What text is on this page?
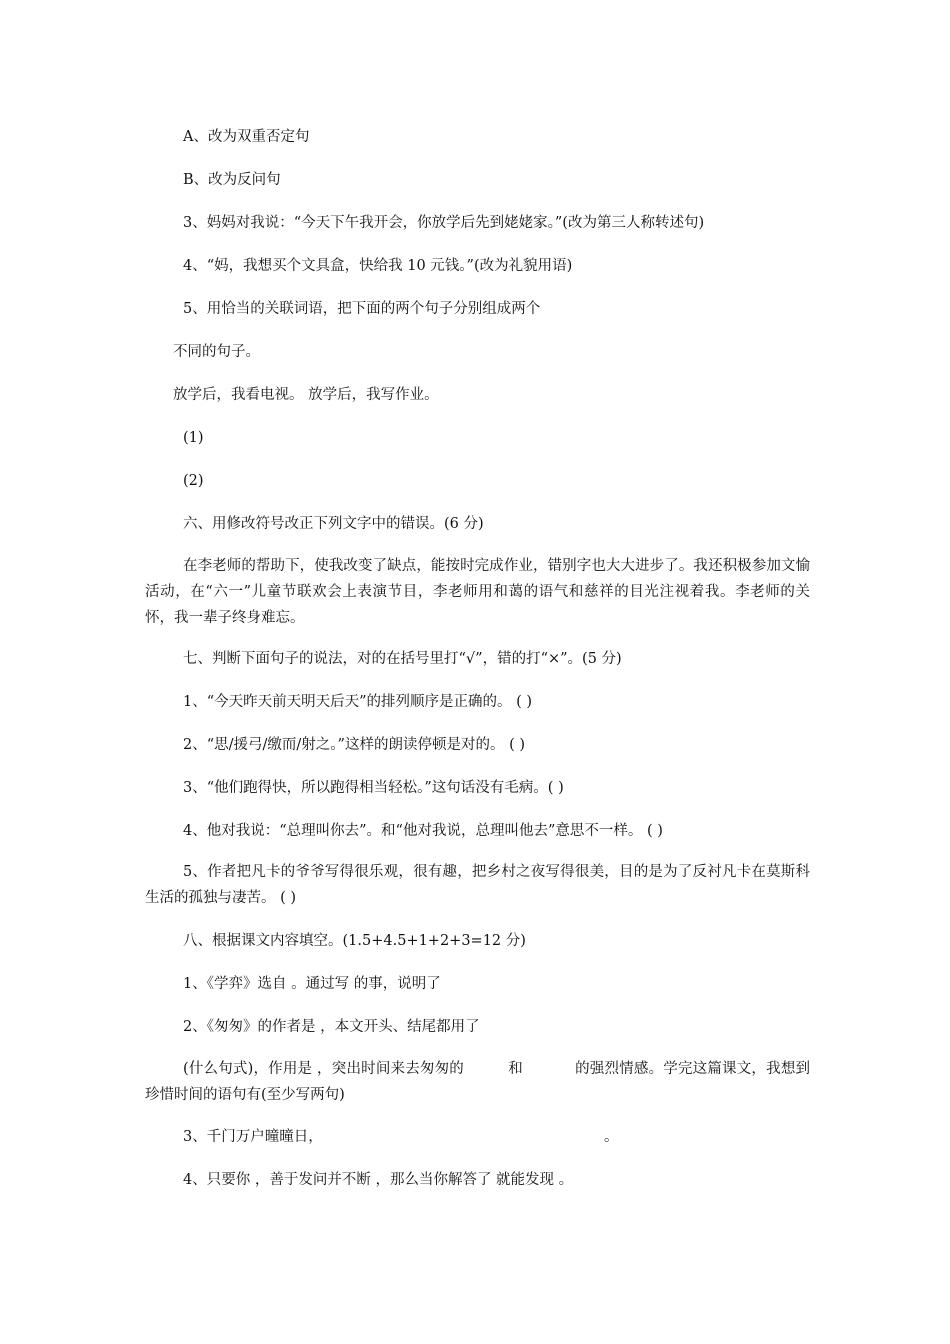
A、改为双重否定句
B、改为反问句
3、妈妈对我说：“今天下午我开会，你放学后先到姥姥家。”(改为第三人称转述句)
4、“妈，我想买个文具盒，快给我 10 元钱。”(改为礼貌用语)
5、用恰当的关联词语，把下面的两个句子分别组成两个
不同的句子。
放学后，我看电视。 放学后，我写作业。
(1)
(2)
六、用修改符号改正下列文字中的错误。(6 分)
在李老师的帮助下，使我改变了缺点，能按时完成作业，错别字也大大进步了。我还积极参加文愉活动，在“六一”儿童节联欢会上表演节目，李老师用和蔼的语气和慈祥的目光注视着我。李老师的关怀，我一辈子终身难忘。
七、判断下面句子的说法，对的在括号里打“√”，错的打“×”。(5 分)
1、“今天昨天前天明天后天”的排列顺序是正确的。 ( )
2、“思/援弓/缴而/射之。”这样的朗读停顿是对的。 ( )
3、“他们跑得快，所以跑得相当轻松。”这句话没有毛病。( )
4、他对我说：“总理叫你去”。和“他对我说，总理叫他去”意思不一样。 ( )
5、作者把凡卡的爷爷写得很乐观，很有趣，把乡村之夜写得很美，目的是为了反衬凡卡在莫斯科生活的孤独与凄苦。 ( )
八、根据课文内容填空。(1.5+4.5+1+2+3=12 分)
1、《学弈》选自 。通过写 的事，说明了
2、《匆匆》的作者是 ，本文开头、结尾都用了
(什么句式)，作用是 ，突出时间来去匆匆的	和	的强烈情感。学完这篇课文，我想到珍惜时间的语句有(至少写两句)
3、千门万户曈曈日，	。
4、只要你 ，善于发问并不断 ，那么当你解答了 就能发现 。
